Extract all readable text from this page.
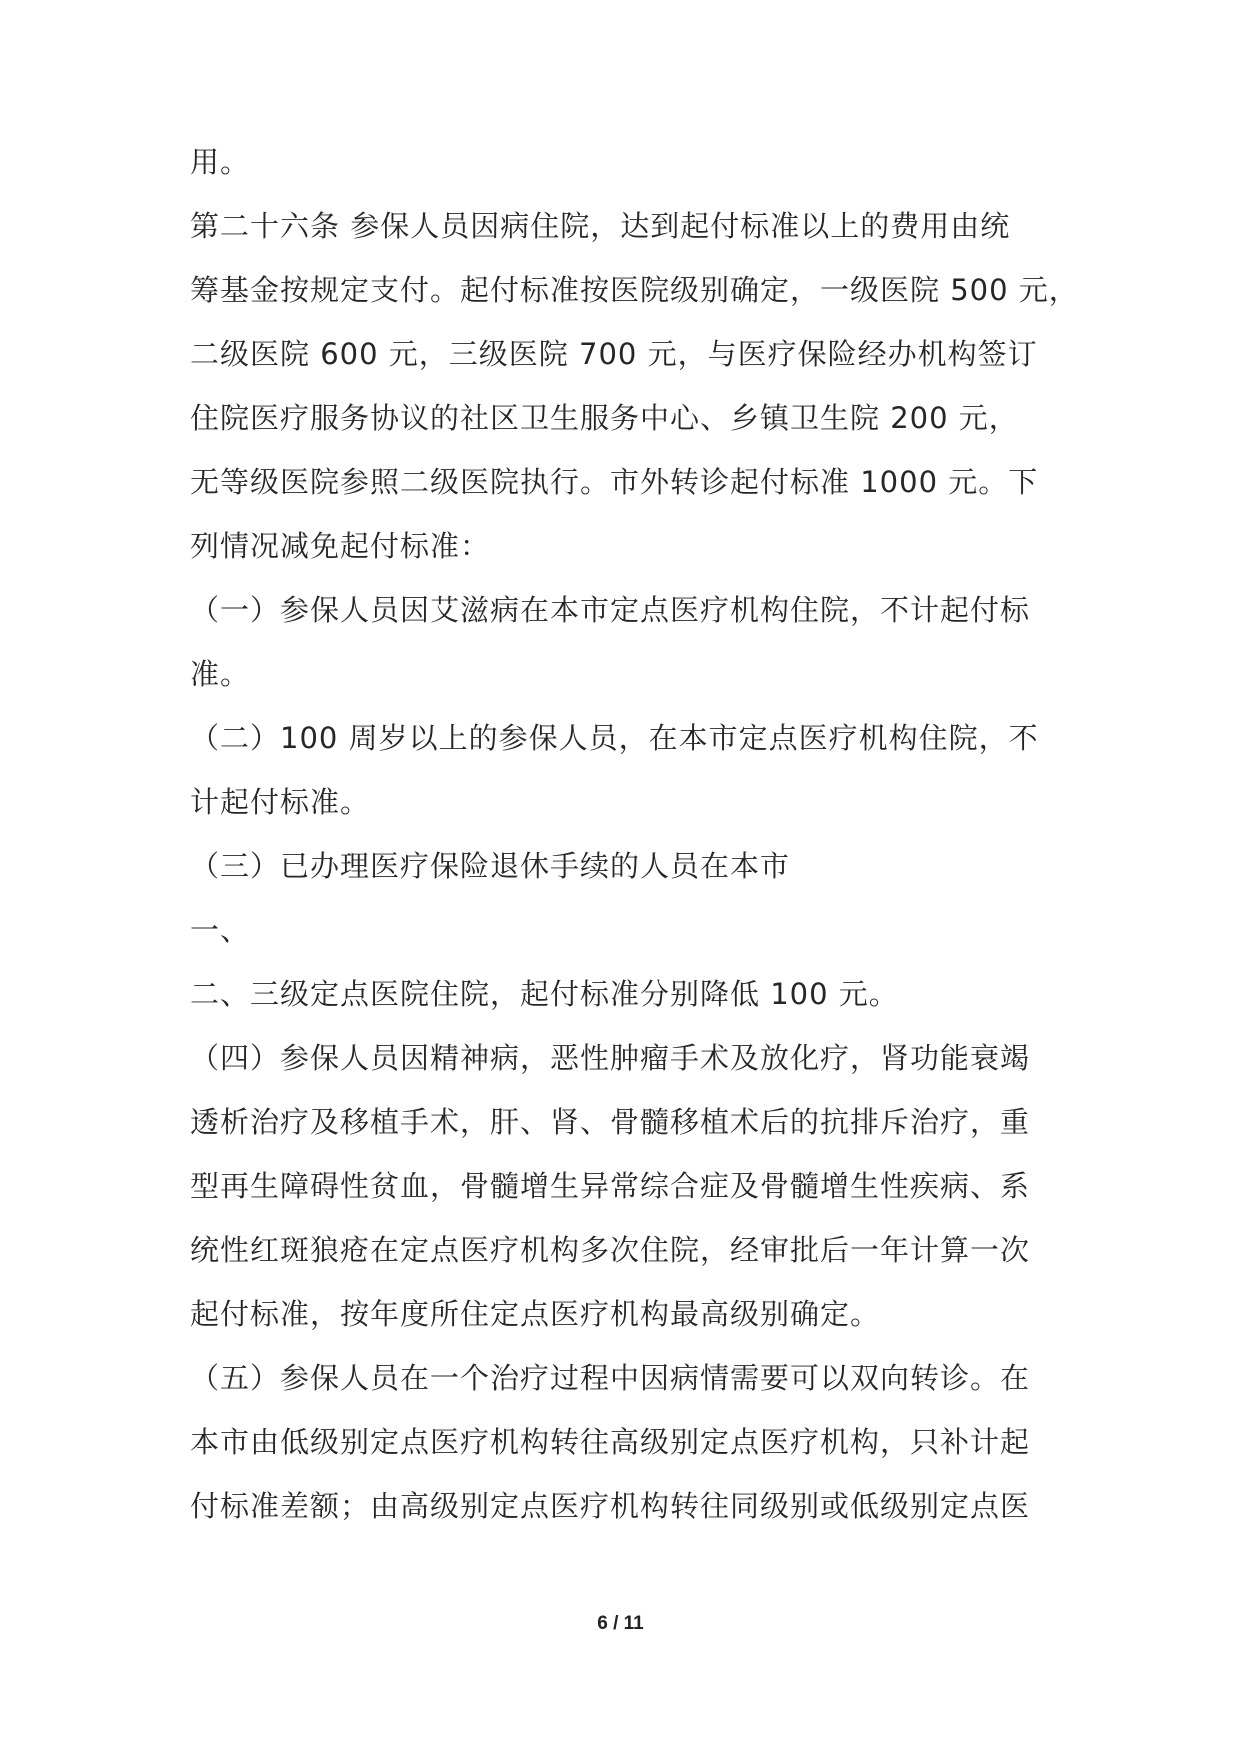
用。
第二十六条 参保人员因病住院，达到起付标准以上的费用由统
筹基金按规定支付。起付标准按医院级别确定，一级医院 500 元，
二级医院 600 元，三级医院 700 元，与医疗保险经办机构签订
住院医疗服务协议的社区卫生服务中心、乡镇卫生院 200 元，
无等级医院参照二级医院执行。市外转诊起付标准 1000 元。下
列情况减免起付标准：
（一）参保人员因艾滋病在本市定点医疗机构住院，不计起付标
准。
（二）100 周岁以上的参保人员，在本市定点医疗机构住院，不
计起付标准。
（三）已办理医疗保险退休手续的人员在本市
一、
二、三级定点医院住院，起付标准分别降低 100 元。
（四）参保人员因精神病，恶性肿瘤手术及放化疗，肾功能衰竭
透析治疗及移植手术，肝、肾、骨髓移植术后的抗排斥治疗，重
型再生障碍性贫血，骨髓增生异常综合症及骨髓增生性疾病、系
统性红斑狼疮在定点医疗机构多次住院，经审批后一年计算一次
起付标准，按年度所住定点医疗机构最高级别确定。
（五）参保人员在一个治疗过程中因病情需要可以双向转诊。在
本市由低级别定点医疗机构转往高级别定点医疗机构，只补计起
付标准差额；由高级别定点医疗机构转往同级别或低级别定点医
6 / 11
